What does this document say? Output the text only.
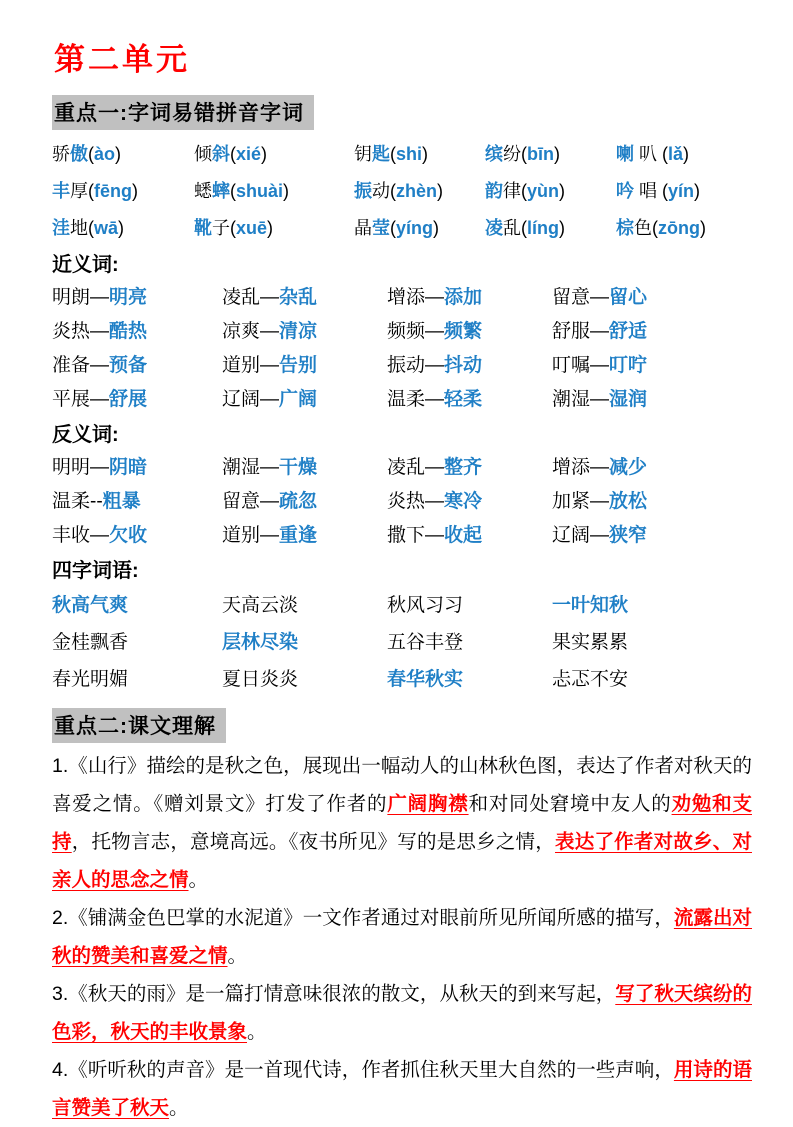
第二单元
重点一:字词易错拼音字词
骄傲(ào)	倾斜(xié)	钥匙(shi)	缤纷(bīn)	喇 叭 (lǎ)
丰厚(fēng)	蟋蟀(shuài)	振动(zhèn)	韵律(yùn)	吟 唱 (yín)
洼地(wā)	靴子(xuē)	晶莹(yíng)	凌乱(líng)	棕色(zōng)
近义词:
明朗—明亮	凌乱—杂乱	增添—添加	留意—留心
炎热—酷热	凉爽—清凉	频频—频繁	舒服—舒适
准备—预备	道别—告别	振动—抖动	叮嘱—叮咛
平展—舒展	辽阔—广阔	温柔—轻柔	潮湿—湿润
反义词:
明明—阴暗	潮湿—干燥	凌乱—整齐	增添—减少
温柔--粗暴	留意—疏忽	炎热—寒冷	加紧—放松
丰收—欠收	道别—重逢	撒下—收起	辽阔—狭窄
四字词语:
秋高气爽	天高云淡	秋风习习	一叶知秋
金桂飘香	层林尽染	五谷丰登	果实累累
春光明媚	夏日炎炎	春华秋实	忐忑不安
重点二:课文理解

1.《山行》描绘的是秋之色，展现出一幅动人的山林秋色图，表达了作者对秋天的喜爱之情。《赠刘景文》打发了作者的广阔胸襟和对同处窘境中友人的劝勉和支持，托物言志，意境高远。《夜书所见》写的是思乡之情，表达了作者对故乡、对亲人的思念之情。

2.《铺满金色巴掌的水泥道》一文作者通过对眼前所见所闻所感的描写，流露出对秋的赞美和喜爱之情。

3.《秋天的雨》是一篇打情意味很浓的散文，从秋天的到来写起，写了秋天缤纷的色彩，秋天的丰收景象。

4.《听听秋的声音》是一首现代诗，作者抓住秋天里大自然的一些声响，用诗的语言赞美了秋天。
